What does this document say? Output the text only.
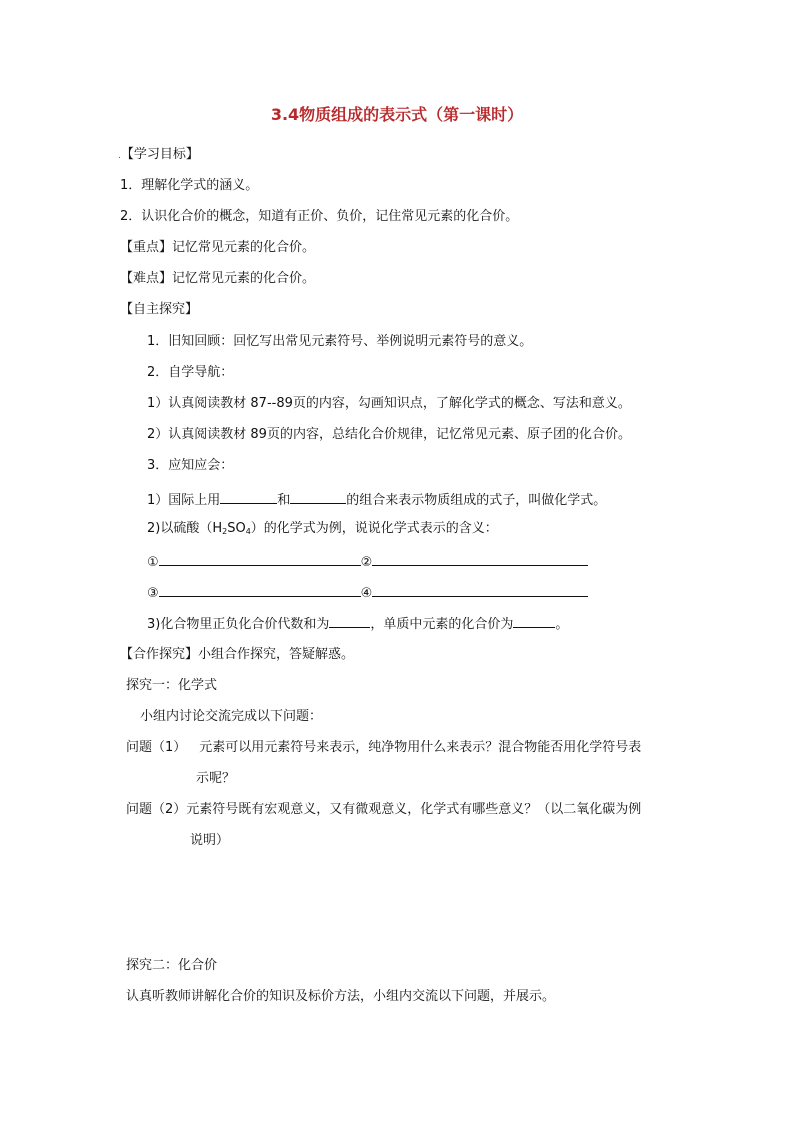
3.4物质组成的表示式（第一课时）
.【学习目标】
1．理解化学式的涵义。
2．认识化合价的概念，知道有正价、负价，记住常见元素的化合价。
【重点】记忆常见元素的化合价。
【难点】记忆常见元素的化合价。
【自主探究】
1．旧知回顾：回忆写出常见元素符号、举例说明元素符号的意义。
2．自学导航：
1）认真阅读教材 87--89页的内容，勾画知识点，了解化学式的概念、写法和意义。
2）认真阅读教材 89页的内容，总结化合价规律，记忆常见元素、原子团的化合价。
3．应知应会：
1）国际上用	和	的组合来表示物质组成的式子，叫做化学式。
2)以硫酸$(H_2SO_4)$的化学式为例，说说化学式表示的含义：
①	②
③	④
3)化合物里正负化合价代数和为	，单质中元素的化合价为	。
【合作探究】小组合作探究，答疑解惑。
探究一：化学式
小组内讨论交流完成以下问题：
问题（1） 元素可以用元素符号来表示，纯净物用什么来表示？混合物能否用化学符号表
示呢？
问题（2）元素符号既有宏观意义，又有微观意义，化学式有哪些意义？（以二氧化碳为例
说明）
探究二：化合价
认真听教师讲解化合价的知识及标价方法，小组内交流以下问题，并展示。
